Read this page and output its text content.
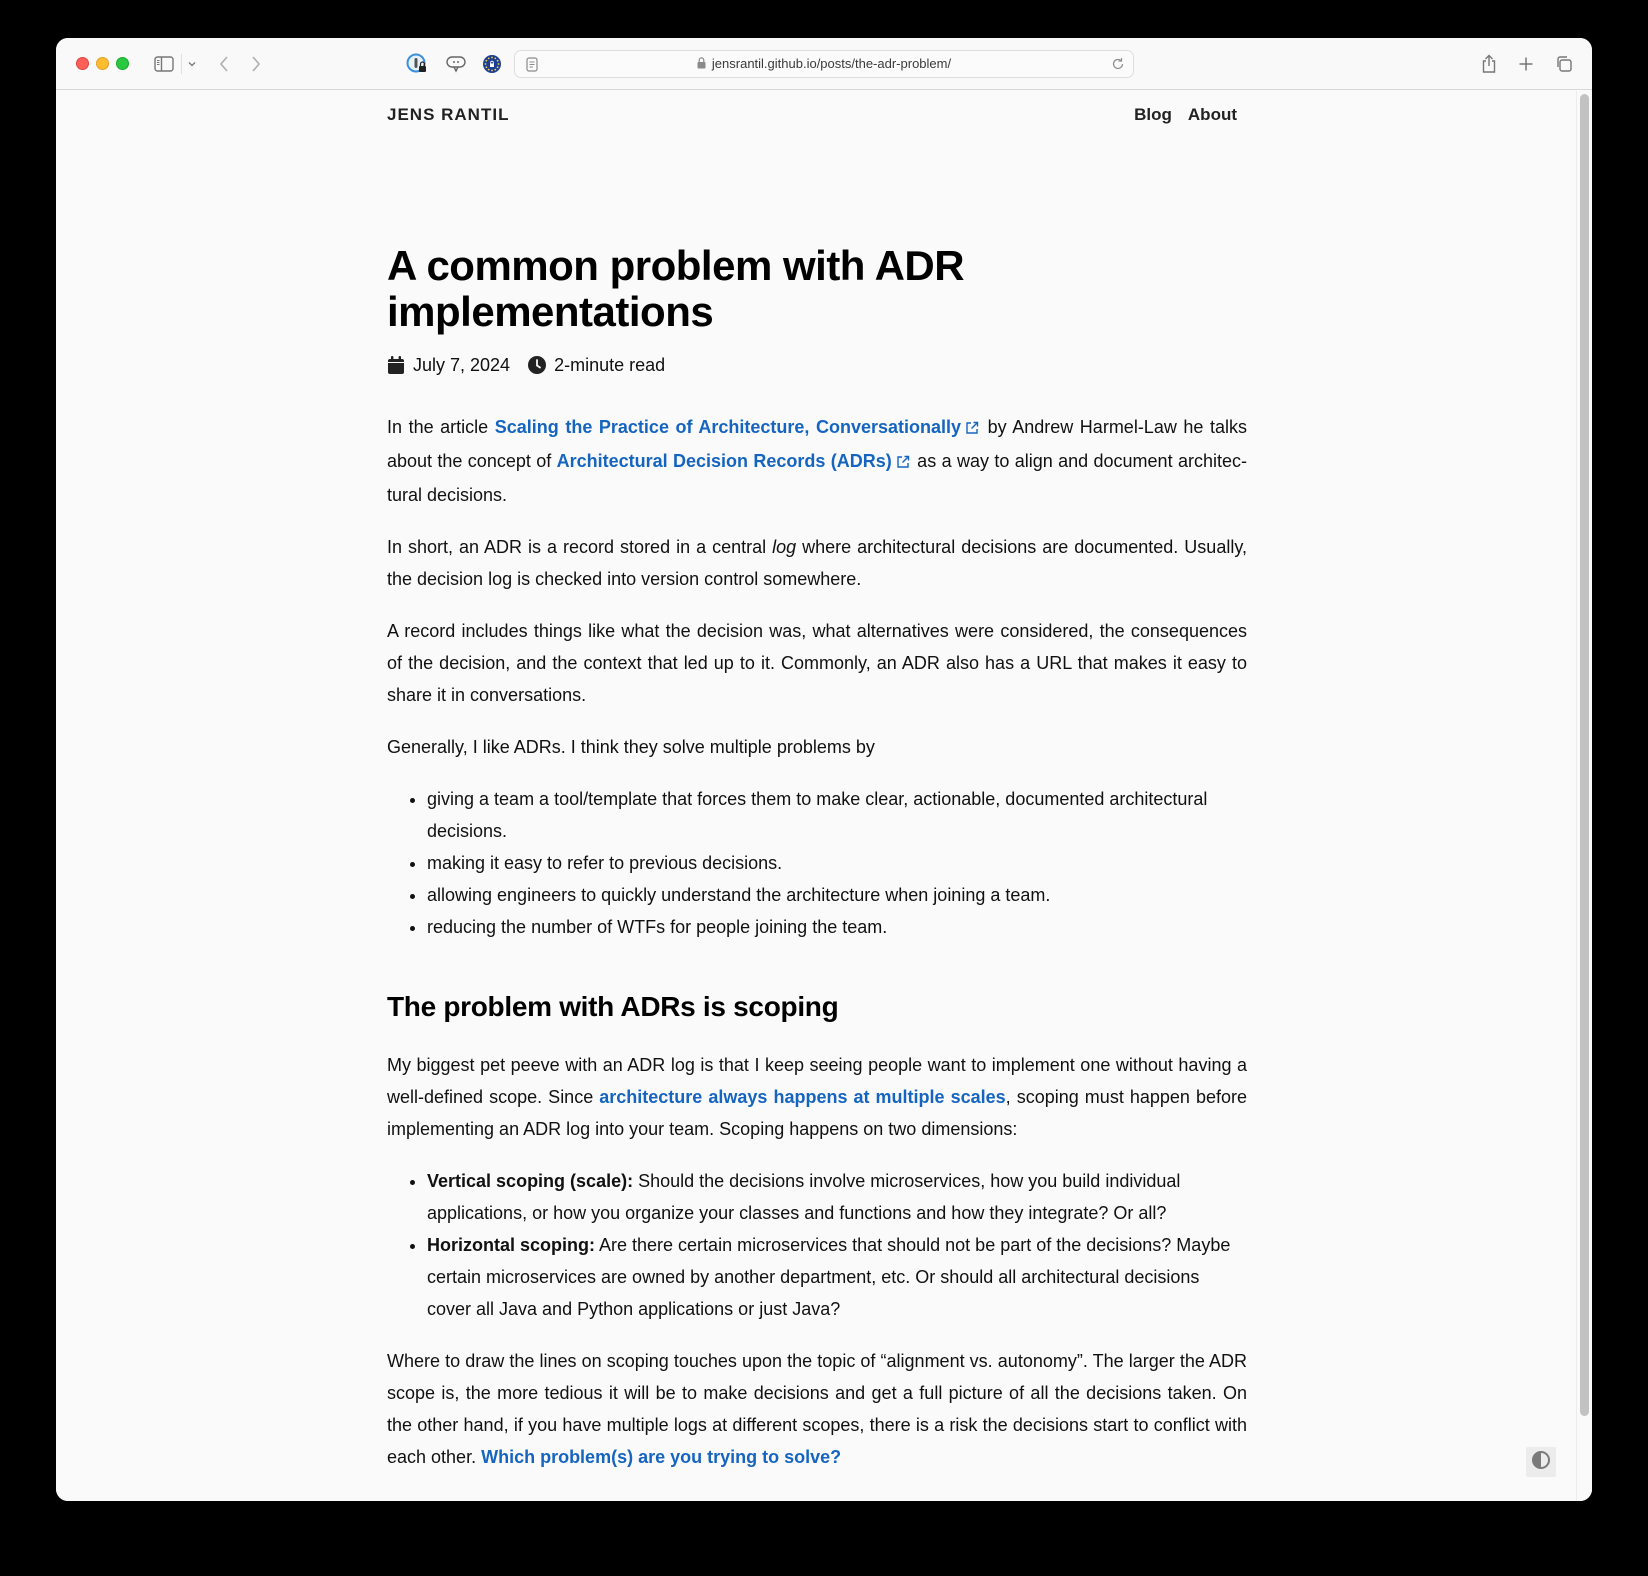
jensrantil.github.io/posts/the-adr-problem/
JENS RANTIL	Blog About
A common problem with ADR implementations
July 7, 2024 2-minute read

In the article Scaling the Practice of Architecture, Conversationally by Andrew Harmel-Law he talks about the concept of Architectural Decision Records (ADRs) as a way to align and document architectural decisions.

In short, an ADR is a record stored in a central log where architectural decisions are documented. Usually, the decision log is checked into version control somewhere.

A record includes things like what the decision was, what alternatives were considered, the consequences of the decision, and the context that led up to it. Commonly, an ADR also has a URL that makes it easy to share it in conversations.

Generally, I like ADRs. I think they solve multiple problems by

• giving a team a tool/template that forces them to make clear, actionable, documented architectural decisions.
• making it easy to refer to previous decisions.
• allowing engineers to quickly understand the architecture when joining a team.
• reducing the number of WTFs for people joining the team.
The problem with ADRs is scoping

My biggest pet peeve with an ADR log is that I keep seeing people want to implement one without having a well-defined scope. Since architecture always happens at multiple scales, scoping must happen before implementing an ADR log into your team. Scoping happens on two dimensions:

• Vertical scoping (scale): Should the decisions involve microservices, how you build individual applications, or how you organize your classes and functions and how they integrate? Or all?
• Horizontal scoping: Are there certain microservices that should not be part of the decisions? Maybe certain microservices are owned by another department, etc. Or should all architectural decisions cover all Java and Python applications or just Java?

Where to draw the lines on scoping touches upon the topic of “alignment vs. autonomy”. The larger the ADR scope is, the more tedious it will be to make decisions and get a full picture of all the decisions taken. On the other hand, if you have multiple logs at different scopes, there is a risk the decisions start to conflict with each other. Which problem(s) are you trying to solve?
